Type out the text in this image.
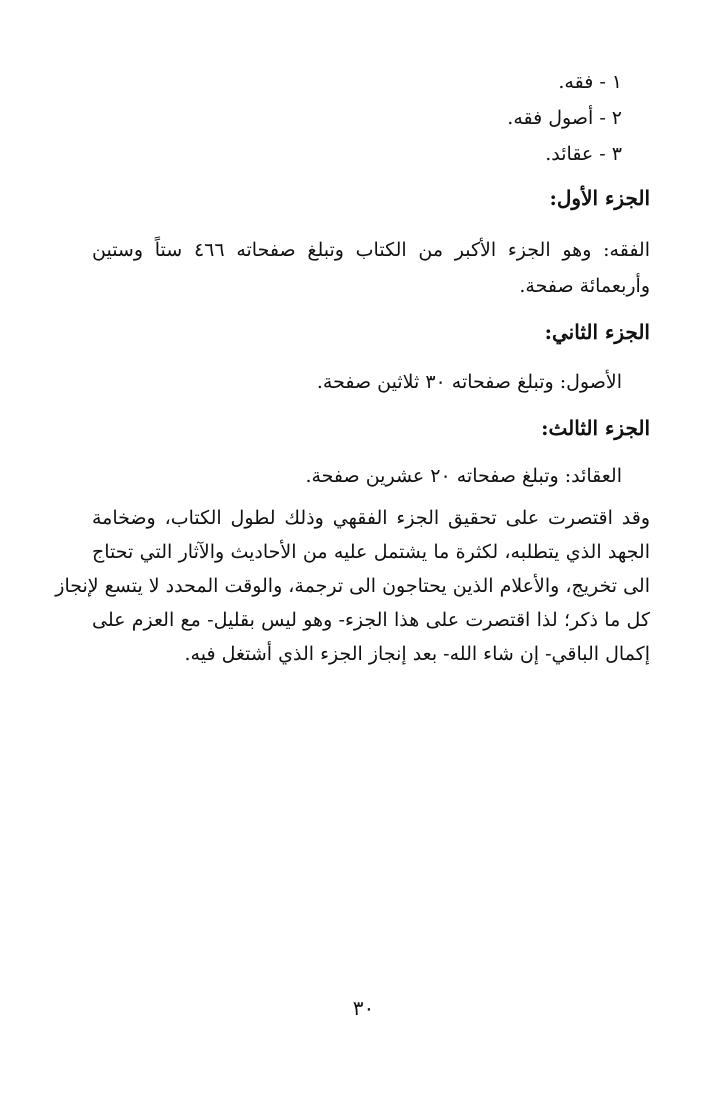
١ - فقه.
٢ - أصول فقه.
٣ - عقائد.
الجزء الأول:
الفقه: وهو الجزء الأكبر من الكتاب وتبلغ صفحاته ٤٦٦ ستاً وستين
وأربعمائة صفحة.
الجزء الثاني:
الأصول: وتبلغ صفحاته ٣٠ ثلاثين صفحة.
الجزء الثالث:
العقائد: وتبلغ صفحاته ٢٠ عشرين صفحة.
وقد اقتصرت على تحقيق الجزء الفقهي وذلك لطول الكتاب، وضخامة
الجهد الذي يتطلبه، لكثرة ما يشتمل عليه من الأحاديث والآثار التي تحتاج
الى تخريج، والأعلام الذين يحتاجون الى ترجمة، والوقت المحدد لا يتسع لإنجاز
كل ما ذكر؛ لذا اقتصرت على هذا الجزء- وهو ليس بقليل- مع العزم على
إكمال الباقي- إن شاء الله- بعد إنجاز الجزء الذي أشتغل فيه.
٣٠
